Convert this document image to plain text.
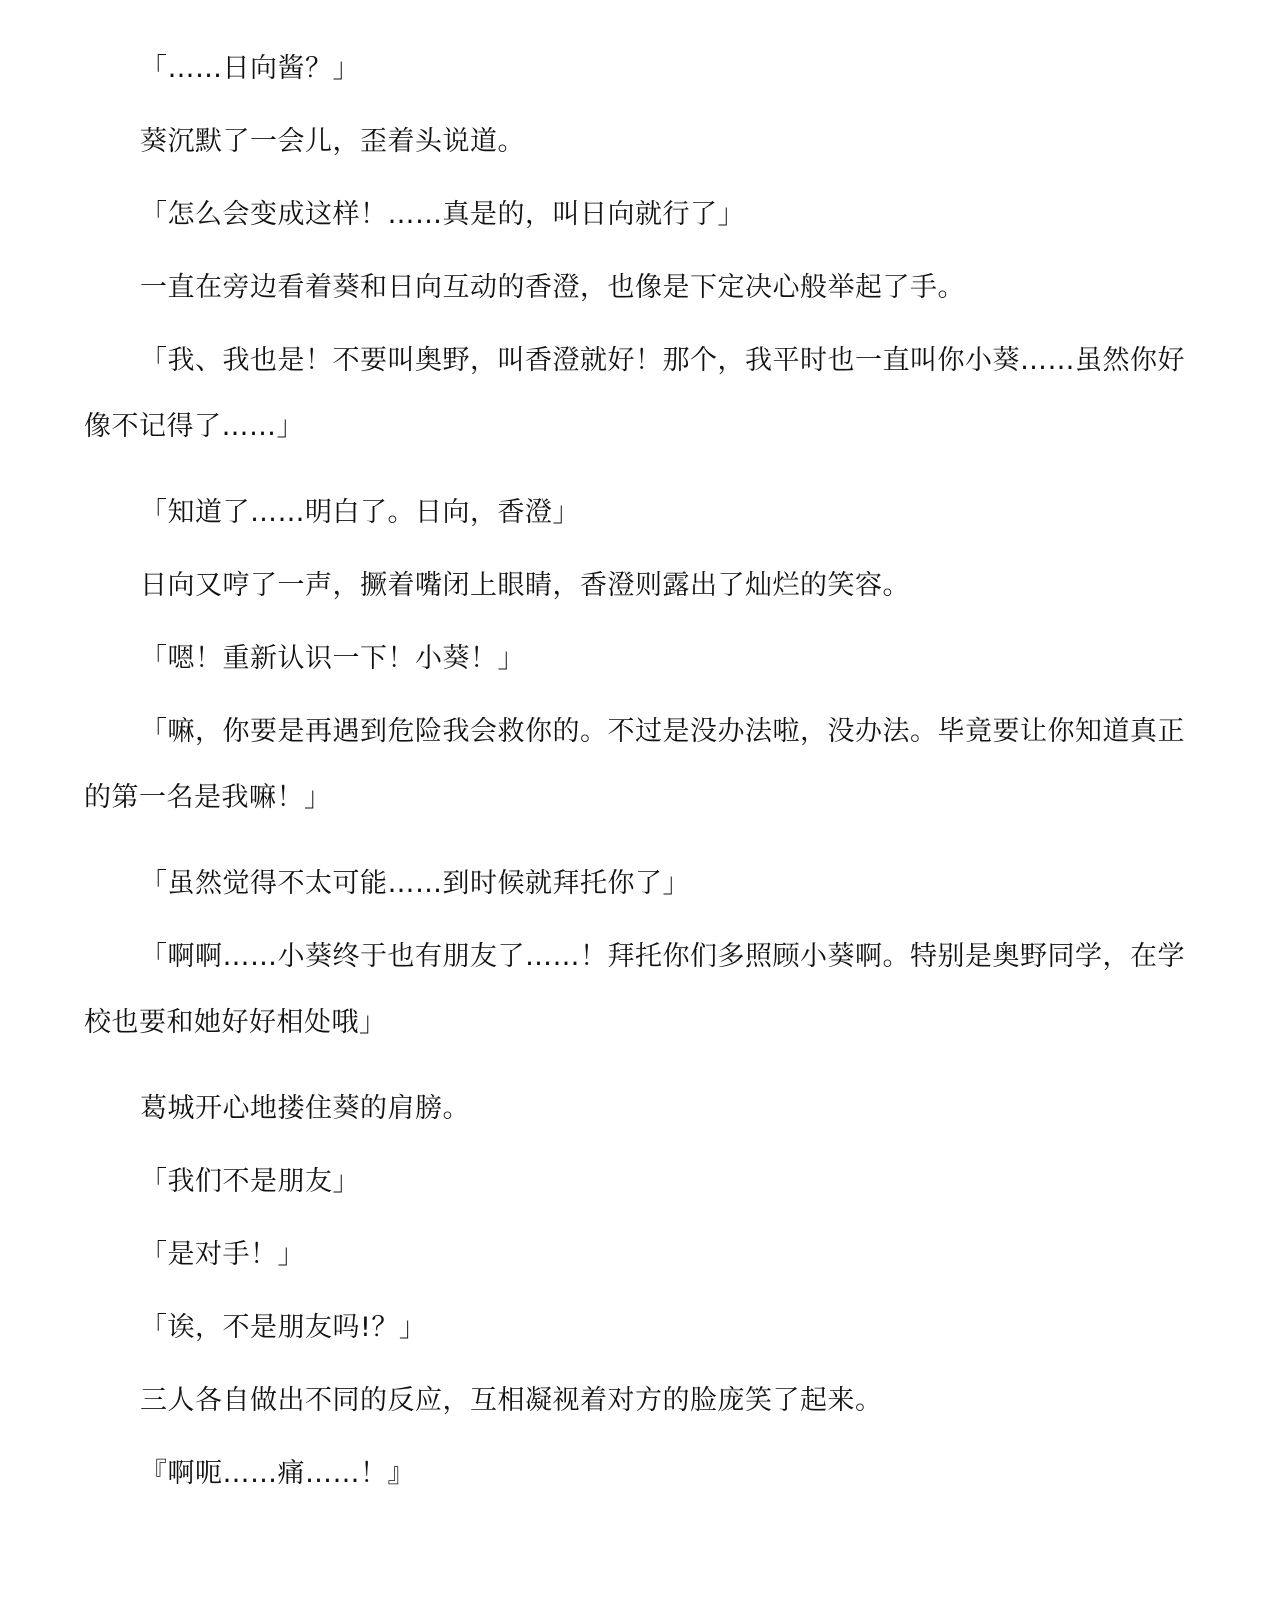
「……日向酱？」

葵沉默了一会儿，歪着头说道。

「怎么会变成这样！……真是的，叫日向就行了」

一直在旁边看着葵和日向互动的香澄，也像是下定决心般举起了手。

「我、我也是！不要叫奥野，叫香澄就好！那个，我平时也一直叫你小葵……虽然你好像不记得了……」

「知道了……明白了。日向，香澄」

日向又哼了一声，撅着嘴闭上眼睛，香澄则露出了灿烂的笑容。

「嗯！重新认识一下！小葵！」

「嘛，你要是再遇到危险我会救你的。不过是没办法啦，没办法。毕竟要让你知道真正的第一名是我嘛！」

「虽然觉得不太可能……到时候就拜托你了」

「啊啊……小葵终于也有朋友了……！拜托你们多照顾小葵啊。特别是奥野同学，在学校也要和她好好相处哦」

葛城开心地搂住葵的肩膀。

「我们不是朋友」

「是对手！」

「诶，不是朋友吗!？」

三人各自做出不同的反应，互相凝视着对方的脸庞笑了起来。

『啊呃……痛……！』
